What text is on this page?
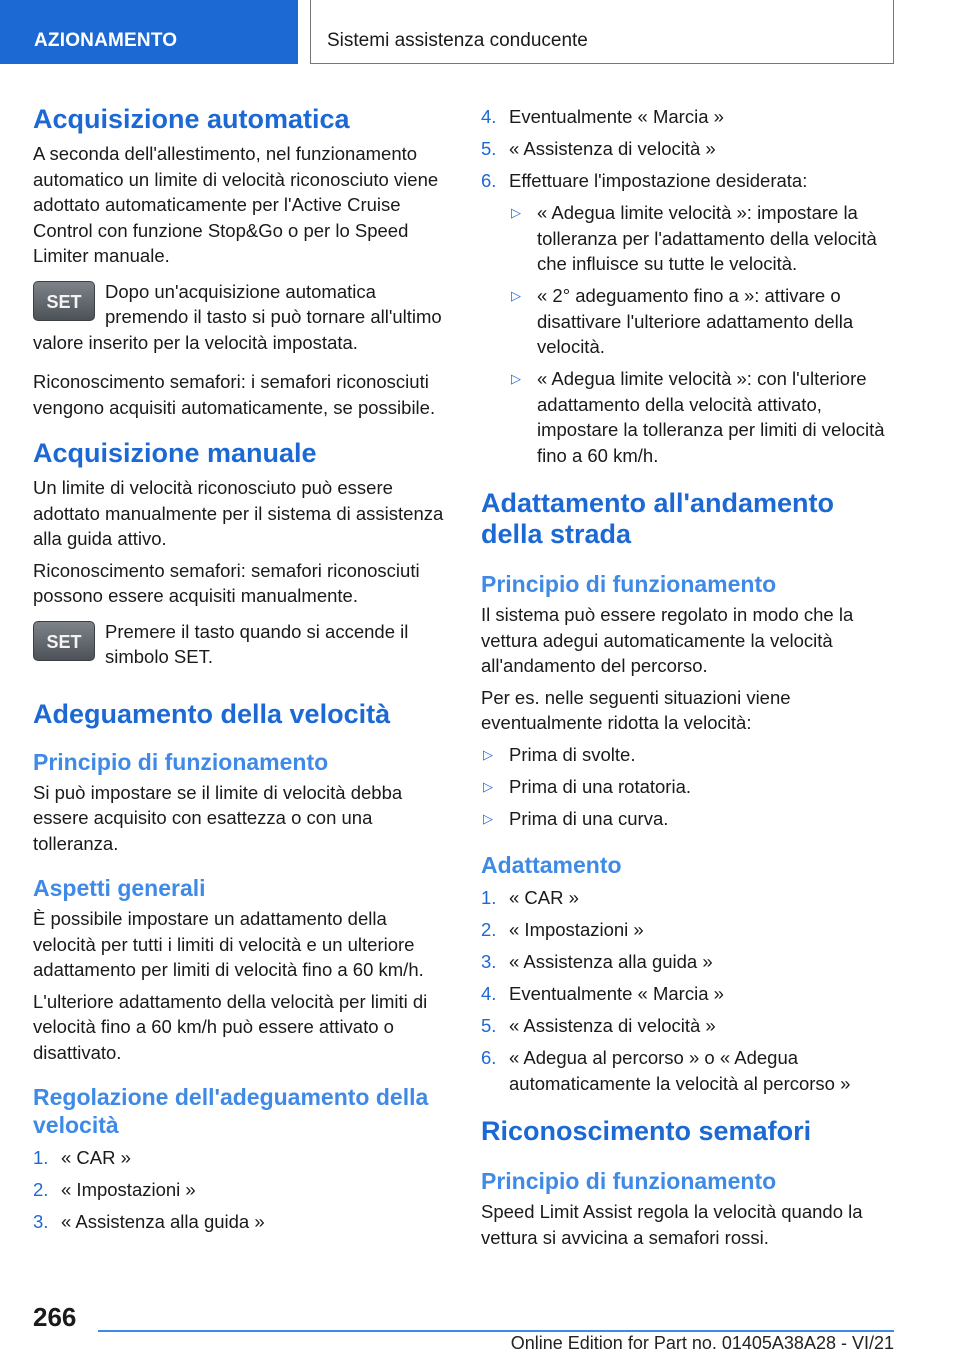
AZIONAMENTO	Sistemi assistenza conducente
Acquisizione automatica

A seconda dell'allestimento, nel funzionamento automatico un limite di velocità riconosciuto viene adottato automaticamente per l'Active Cruise Control con funzione Stop&Go o per lo Speed Limiter manuale.

SET	Dopo un'acquisizione automatica premendo il tasto si può tornare all'ultimo valore inserito per la velocità impostata.

Riconoscimento semafori: i semafori riconosciuti vengono acquisiti automaticamente, se possibile.

Acquisizione manuale

Un limite di velocità riconosciuto può essere adottato manualmente per il sistema di assistenza alla guida attivo.

Riconoscimento semafori: semafori riconosciuti possono essere acquisiti manualmente.

SET	Premere il tasto quando si accende il simbolo SET.

Adeguamento della velocità
Principio di funzionamento

Si può impostare se il limite di velocità debba essere acquisito con esattezza o con una tolleranza.

Aspetti generali

È possibile impostare un adattamento della velocità per tutti i limiti di velocità e un ulteriore adattamento per limiti di velocità fino a 60 km/h.

L'ulteriore adattamento della velocità per limiti di velocità fino a 60 km/h può essere attivato o disattivato.

Regolazione dell'adeguamento della velocità
1. « CAR »
2. « Impostazioni »
3. « Assistenza alla guida »
4. Eventualmente « Marcia »
5. « Assistenza di velocità »
6. Effettuare l'impostazione desiderata:
▷ « Adegua limite velocità »: impostare la tolleranza per l'adattamento della velocità che influisce su tutte le velocità.
▷ « 2° adeguamento fino a »: attivare o disattivare l'ulteriore adattamento della velocità.
▷ « Adegua limite velocità »: con l'ulteriore adattamento della velocità attivato, impostare la tolleranza per limiti di velocità fino a 60 km/h.
Adattamento all'andamento della strada
Principio di funzionamento

Il sistema può essere regolato in modo che la vettura adegui automaticamente la velocità all'andamento del percorso.

Per es. nelle seguenti situazioni viene eventualmente ridotta la velocità:

▷ Prima di svolte.
▷ Prima di una rotatoria.
▷ Prima di una curva.
Adattamento
1. « CAR »
2. « Impostazioni »
3. « Assistenza alla guida »
4. Eventualmente « Marcia »
5. « Assistenza di velocità »
6. « Adegua al percorso » o « Adegua automaticamente la velocità al percorso »
Riconoscimento semafori
Principio di funzionamento

Speed Limit Assist regola la velocità quando la vettura si avvicina a semafori rossi.

266
Online Edition for Part no. 01405A38A28 - VI/21
